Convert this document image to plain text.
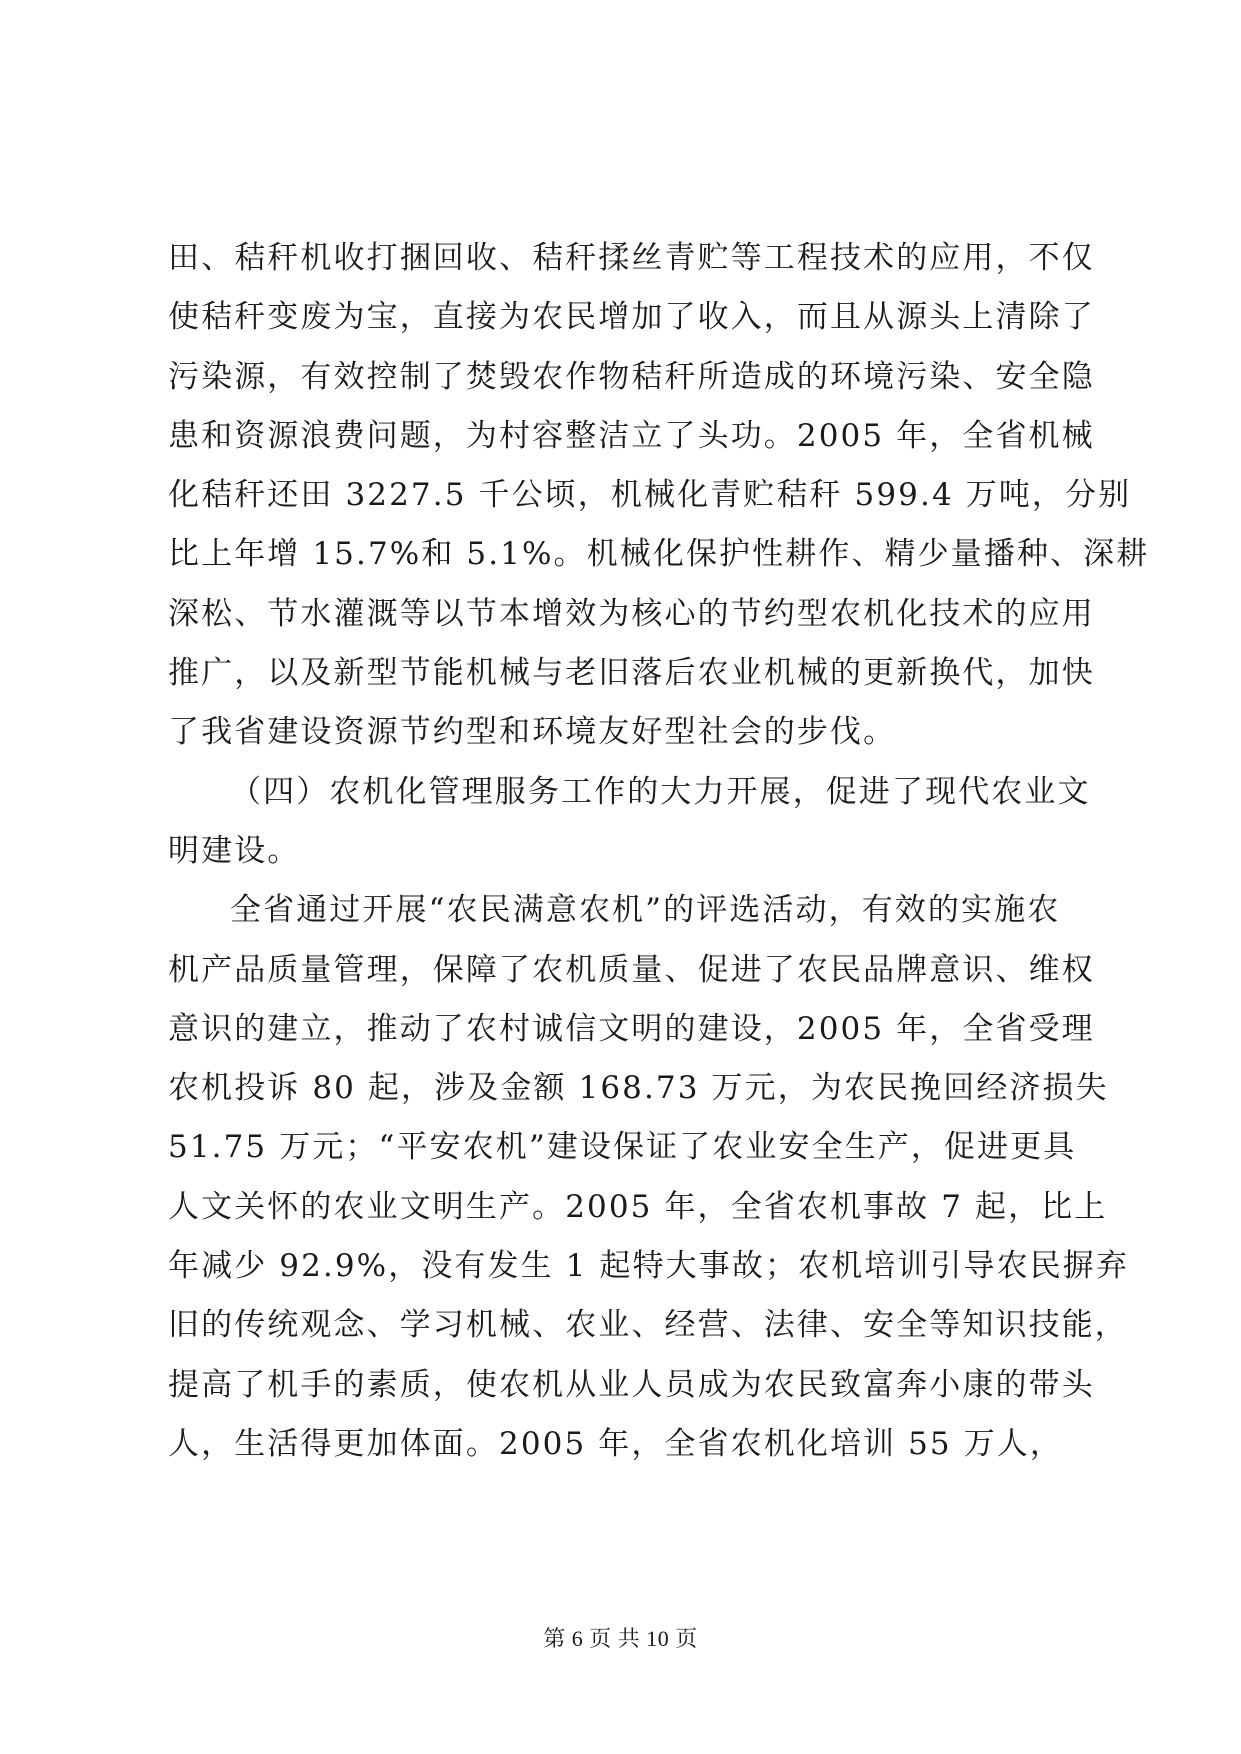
田、秸秆机收打捆回收、秸秆揉丝青贮等工程技术的应用，不仅
使秸秆变废为宝，直接为农民增加了收入，而且从源头上清除了
污染源，有效控制了焚毁农作物秸秆所造成的环境污染、安全隐
患和资源浪费问题，为村容整洁立了头功。2005 年，全省机械
化秸秆还田 3227.5 千公顷，机械化青贮秸秆 599.4 万吨，分别
比上年增 15.7%和 5.1%。机械化保护性耕作、精少量播种、深耕
深松、节水灌溉等以节本增效为核心的节约型农机化技术的应用
推广，以及新型节能机械与老旧落后农业机械的更新换代，加快
了我省建设资源节约型和环境友好型社会的步伐。
（四）农机化管理服务工作的大力开展，促进了现代农业文
明建设。
全省通过开展“农民满意农机”的评选活动，有效的实施农
机产品质量管理，保障了农机质量、促进了农民品牌意识、维权
意识的建立，推动了农村诚信文明的建设，2005 年，全省受理
农机投诉 80 起，涉及金额 168.73 万元，为农民挽回经济损失
51.75 万元；“平安农机”建设保证了农业安全生产，促进更具
人文关怀的农业文明生产。2005 年，全省农机事故 7 起，比上
年减少 92.9%，没有发生 1 起特大事故；农机培训引导农民摒弃
旧的传统观念、学习机械、农业、经营、法律、安全等知识技能，
提高了机手的素质，使农机从业人员成为农民致富奔小康的带头
人，生活得更加体面。2005 年，全省农机化培训 55 万人，
第 6 页 共 10 页
